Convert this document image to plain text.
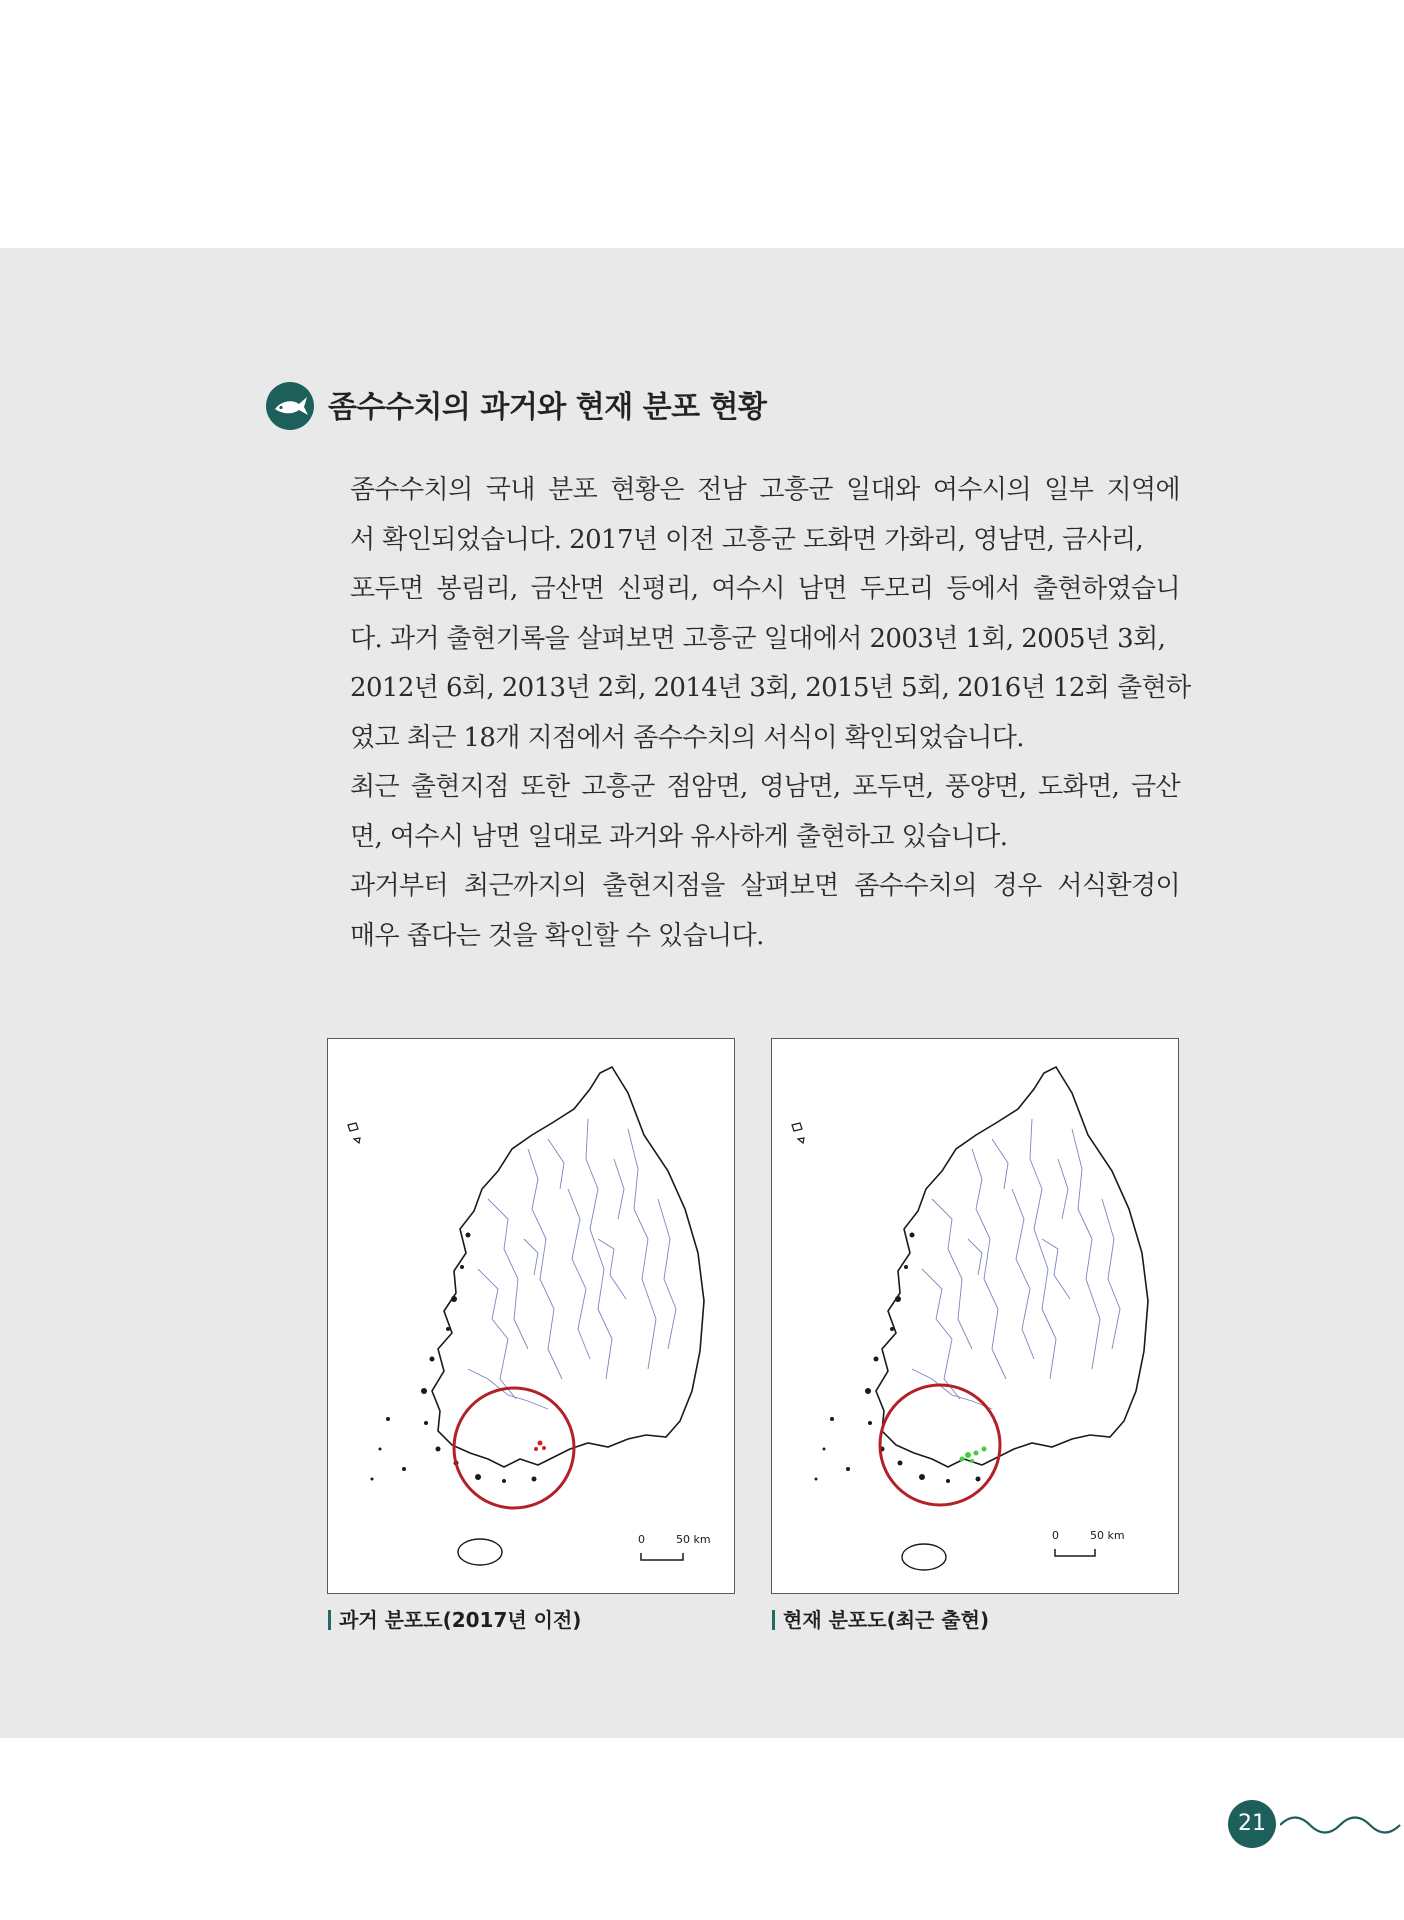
좀수수치의 과거와 현재 분포 현황
좀수수치의 국내 분포 현황은 전남 고흥군 일대와 여수시의 일부 지역에
서 확인되었습니다. 2017년 이전 고흥군 도화면 가화리, 영남면, 금사리,
포두면 봉림리, 금산면 신평리, 여수시 남면 두모리 등에서 출현하였습니
다. 과거 출현기록을 살펴보면 고흥군 일대에서 2003년 1회, 2005년 3회,
2012년 6회, 2013년 2회, 2014년 3회, 2015년 5회, 2016년 12회 출현하
였고 최근 18개 지점에서 좀수수치의 서식이 확인되었습니다.
최근 출현지점 또한 고흥군 점암면, 영남면, 포두면, 풍양면, 도화면, 금산
면, 여수시 남면 일대로 과거와 유사하게 출현하고 있습니다.
과거부터 최근까지의 출현지점을 살펴보면 좀수수치의 경우 서식환경이
매우 좁다는 것을 확인할 수 있습니다.
0	50 km	0	50 km
과거 분포도(2017년 이전)	현재 분포도(최근 출현)
21
